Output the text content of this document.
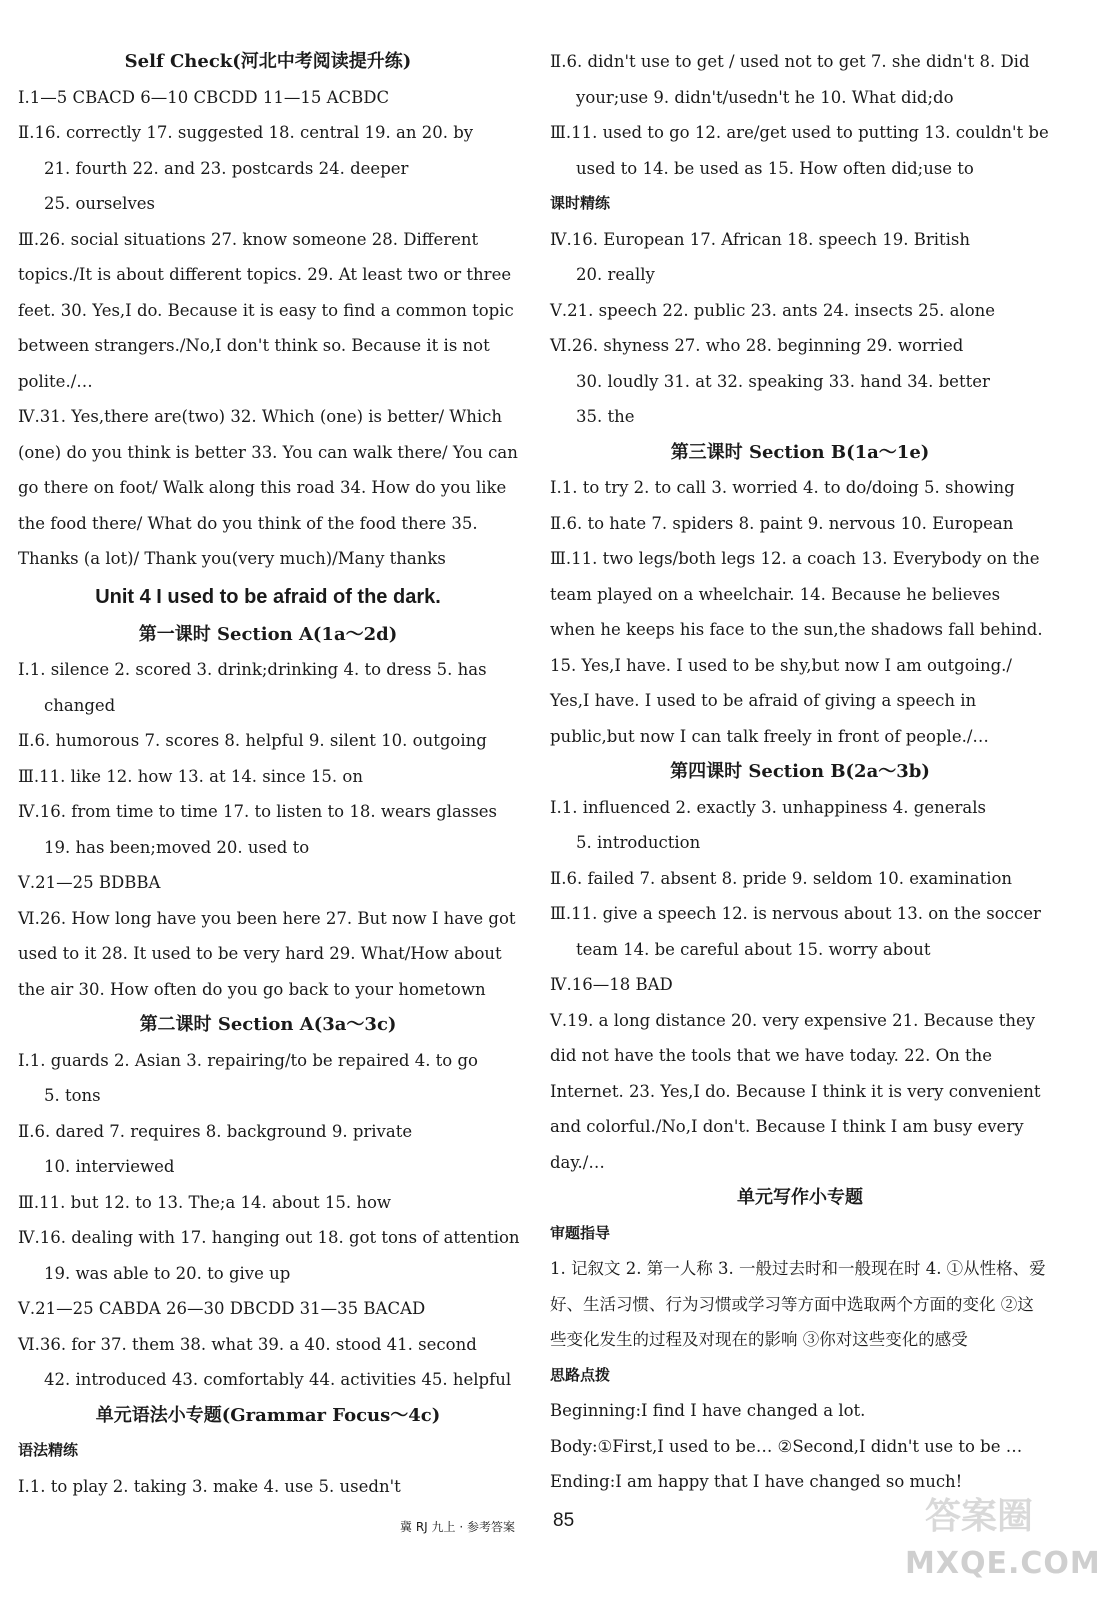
Self Check(河北中考阅读提升练)
Ⅰ.1—5 CBACD 6—10 CBCDD 11—15 ACBDC
Ⅱ.16. correctly 17. suggested 18. central 19. an 20. by
21. fourth 22. and 23. postcards 24. deeper
25. ourselves
Ⅲ.26. social situations 27. know someone 28. Different topics./It is about different topics. 29. At least two or three feet. 30. Yes,I do. Because it is easy to find a common topic between strangers./No,I don't think so. Because it is not polite./…
Ⅳ.31. Yes,there are(two) 32. Which (one) is better/ Which (one) do you think is better 33. You can walk there/ You can go there on foot/ Walk along this road 34. How do you like the food there/ What do you think of the food there 35. Thanks (a lot)/ Thank you(very much)/Many thanks
Unit 4 I used to be afraid of the dark.
第一课时 Section A(1a～2d)
Ⅰ.1. silence 2. scored 3. drink;drinking 4. to dress 5. has
changed
Ⅱ.6. humorous 7. scores 8. helpful 9. silent 10. outgoing
Ⅲ.11. like 12. how 13. at 14. since 15. on
Ⅳ.16. from time to time 17. to listen to 18. wears glasses
19. has been;moved 20. used to
Ⅴ.21—25 BDBBA
Ⅵ.26. How long have you been here 27. But now I have got used to it 28. It used to be very hard 29. What/How about the air 30. How often do you go back to your hometown
第二课时 Section A(3a～3c)
Ⅰ.1. guards 2. Asian 3. repairing/to be repaired 4. to go
5. tons
Ⅱ.6. dared 7. requires 8. background 9. private
10. interviewed
Ⅲ.11. but 12. to 13. The;a 14. about 15. how
Ⅳ.16. dealing with 17. hanging out 18. got tons of attention
19. was able to 20. to give up
Ⅴ.21—25 CABDA 26—30 DBCDD 31—35 BACAD
Ⅵ.36. for 37. them 38. what 39. a 40. stood 41. second
42. introduced 43. comfortably 44. activities 45. helpful
单元语法小专题(Grammar Focus～4c)
语法精练
Ⅰ.1. to play 2. taking 3. make 4. use 5. usedn't
Ⅱ.6. didn't use to get / used not to get 7. she didn't 8. Did
your;use 9. didn't/usedn't he 10. What did;do
Ⅲ.11. used to go 12. are/get used to putting 13. couldn't be
used to 14. be used as 15. How often did;use to
课时精练
Ⅳ.16. European 17. African 18. speech 19. British
20. really
Ⅴ.21. speech 22. public 23. ants 24. insects 25. alone
Ⅵ.26. shyness 27. who 28. beginning 29. worried
30. loudly 31. at 32. speaking 33. hand 34. better
35. the
第三课时 Section B(1a～1e)
Ⅰ.1. to try 2. to call 3. worried 4. to do/doing 5. showing
Ⅱ.6. to hate 7. spiders 8. paint 9. nervous 10. European
Ⅲ.11. two legs/both legs 12. a coach 13. Everybody on the team played on a wheelchair. 14. Because he believes when he keeps his face to the sun,the shadows fall behind.
15. Yes,I have. I used to be shy,but now I am outgoing./ Yes,I have. I used to be afraid of giving a speech in public,but now I can talk freely in front of people./…
第四课时 Section B(2a～3b)
Ⅰ.1. influenced 2. exactly 3. unhappiness 4. generals
5. introduction
Ⅱ.6. failed 7. absent 8. pride 9. seldom 10. examination
Ⅲ.11. give a speech 12. is nervous about 13. on the soccer
team 14. be careful about 15. worry about
Ⅳ.16—18 BAD
Ⅴ.19. a long distance 20. very expensive 21. Because they did not have the tools that we have today. 22. On the Internet. 23. Yes,I do. Because I think it is very convenient and colorful./No,I don't. Because I think I am busy every day./…
单元写作小专题
审题指导
1. 记叙文 2. 第一人称 3. 一般过去时和一般现在时 4. ①从性格、爱好、生活习惯、行为习惯或学习等方面中选取两个方面的变化 ②这些变化发生的过程及对现在的影响 ③你对这些变化的感受
思路点拨
Beginning:I find I have changed a lot.
Body:①First,I used to be… ②Second,I didn't use to be …
Ending:I am happy that I have changed so much!
冀 RJ 九上 · 参考答案 85	答案圈
MXQE.COM
